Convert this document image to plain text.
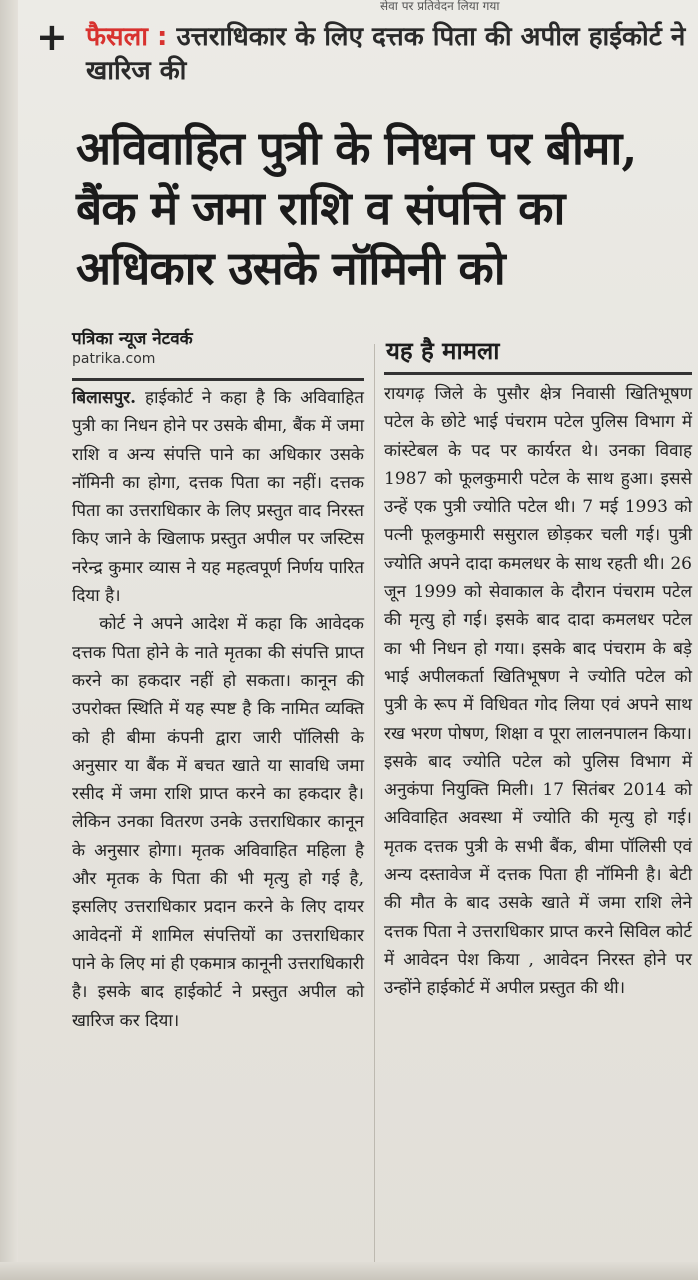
सेवा पर प्रतिवेदन लिया गया
+ फैसला : उत्तराधिकार के लिए दत्तक पिता की अपील हाईकोर्ट ने खारिज की
अविवाहित पुत्री के निधन पर बीमा, बैंक में जमा राशि व संपत्ति का अधिकार उसके नॉमिनी को
पत्रिका न्यूज नेटवर्क
patrika.com	यह है मामला

बिलासपुर. हाईकोर्ट ने कहा है कि अविवाहित पुत्री का निधन होने पर उसके बीमा, बैंक में जमा राशि व अन्य संपत्ति पाने का अधिकार उसके नॉमिनी का होगा, दत्तक पिता का नहीं। दत्तक पिता का उत्तराधिकार के लिए प्रस्तुत वाद निरस्त किए जाने के खिलाफ प्रस्तुत अपील पर जस्टिस नरेन्द्र कुमार व्यास ने यह महत्वपूर्ण निर्णय पारित दिया है।

कोर्ट ने अपने आदेश में कहा कि आवेदक दत्तक पिता होने के नाते मृतका की संपत्ति प्राप्त करने का हकदार नहीं हो सकता। कानून की उपरोक्त स्थिति में यह स्पष्ट है कि नामित व्यक्ति को ही बीमा कंपनी द्वारा जारी पॉलिसी के अनुसार या बैंक में बचत खाते या सावधि जमा रसीद में जमा राशि प्राप्त करने का हकदार है। लेकिन उनका वितरण उनके उत्तराधिकार कानून के अनुसार होगा। मृतक अविवाहित महिला है और मृतक के पिता की भी मृत्यु हो गई है, इसलिए उत्तराधिकार प्रदान करने के लिए दायर आवेदनों में शामिल संपत्तियों का उत्तराधिकार पाने के लिए मां ही एकमात्र कानूनी उत्तराधिकारी है। इसके बाद हाईकोर्ट ने प्रस्तुत अपील को खारिज कर दिया।

रायगढ़ जिले के पुसौर क्षेत्र निवासी खितिभूषण पटेल के छोटे भाई पंचराम पटेल पुलिस विभाग में कांस्टेबल के पद पर कार्यरत थे। उनका विवाह 1987 को फूलकुमारी पटेल के साथ हुआ। इससे उन्हें एक पुत्री ज्योति पटेल थी। 7 मई 1993 को पत्नी फूलकुमारी ससुराल छोड़कर चली गई। पुत्री ज्योति अपने दादा कमलधर के साथ रहती थी। 26 जून 1999 को सेवाकाल के दौरान पंचराम पटेल की मृत्यु हो गई। इसके बाद दादा कमलधर पटेल का भी निधन हो गया। इसके बाद पंचराम के बड़े भाई अपीलकर्ता खितिभूषण ने ज्योति पटेल को पुत्री के रूप में विधिवत गोद लिया एवं अपने साथ रख भरण पोषण, शिक्षा व पूरा लालनपालन किया। इसके बाद ज्योति पटेल को पुलिस विभाग में अनुकंपा नियुक्ति मिली। 17 सितंबर 2014 को अविवाहित अवस्था में ज्योति की मृत्यु हो गई। मृतक दत्तक पुत्री के सभी बैंक, बीमा पॉलिसी एवं अन्य दस्तावेज में दत्तक पिता ही नॉमिनी है। बेटी की मौत के बाद उसके खाते में जमा राशि लेने दत्तक पिता ने उत्तराधिकार प्राप्त करने सिविल कोर्ट में आवेदन पेश किया , आवेदन निरस्त होने पर उन्होंने हाईकोर्ट में अपील प्रस्तुत की थी।
